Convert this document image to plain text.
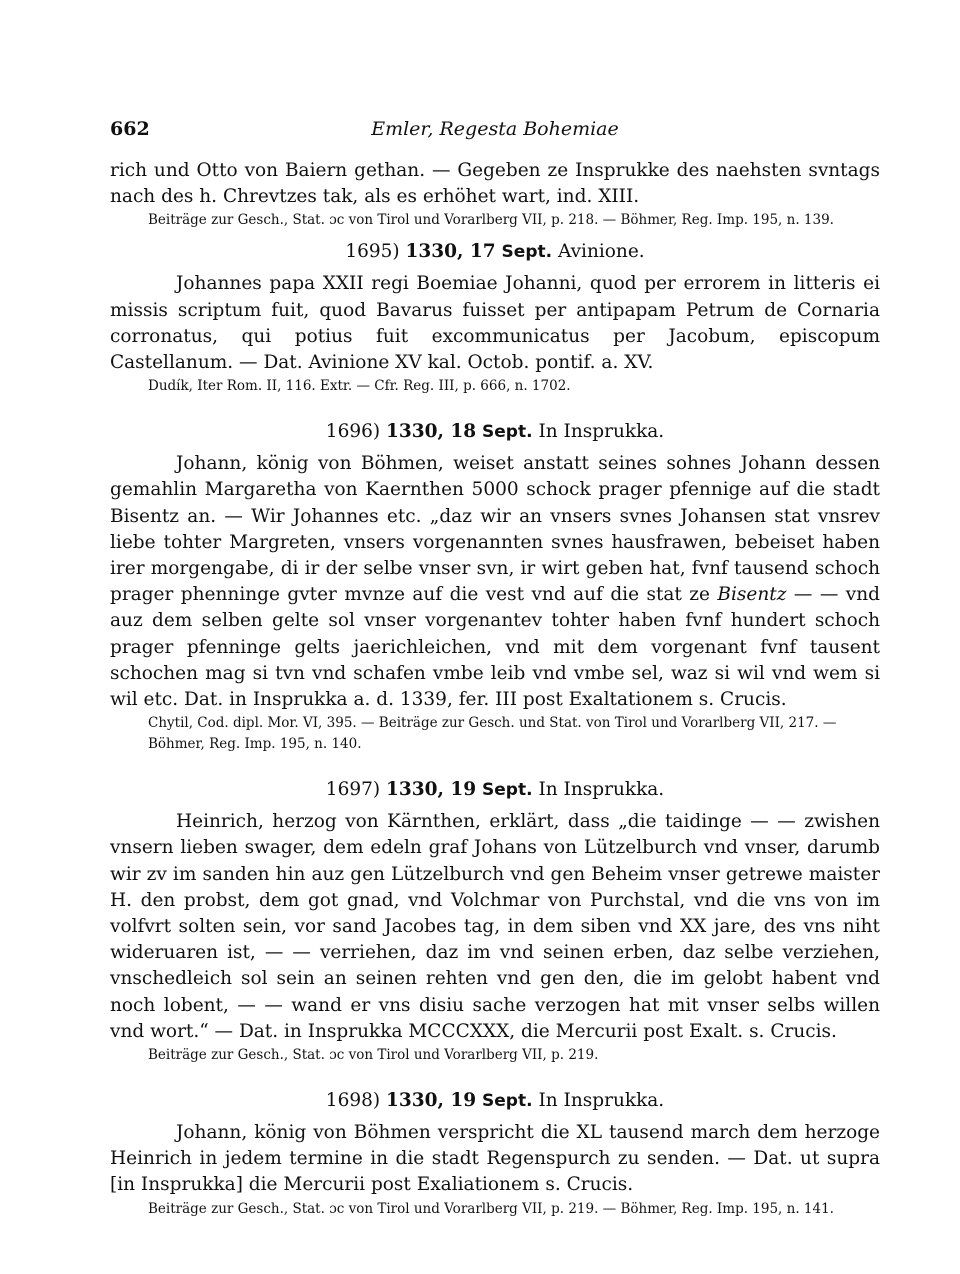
662	Emler, Regesta Bohemiae

rich und Otto von Baiern gethan. — Gegeben ze Insprukke des naehsten svntags nach des h. Chrevtzes tak, als es erhöhet wart, ind. XIII.

Beiträge zur Gesch., Stat. ɔc von Tirol und Vorarlberg VII, p. 218. — Böhmer, Reg. Imp. 195, n. 139.

1695) 1330, 17 Sept. Avinione.

Johannes papa XXII regi Boemiae Johanni, quod per errorem in litteris ei missis scriptum fuit, quod Bavarus fuisset per antipapam Petrum de Cornaria corronatus, qui potius fuit excommunicatus per Jacobum, episcopum Castellanum. — Dat. Avinione XV kal. Octob. pontif. a. XV.

Dudík, Iter Rom. II, 116. Extr. — Cfr. Reg. III, p. 666, n. 1702.

1696) 1330, 18 Sept. In Insprukka.

Johann, könig von Böhmen, weiset anstatt seines sohnes Johann dessen gemahlin Margaretha von Kaernthen 5000 schock prager pfennige auf die stadt Bisentz an. — Wir Johannes etc. „daz wir an vnsers svnes Johansen stat vnsrev liebe tohter Margreten, vnsers vorgenannten svnes hausfrawen, bebeiset haben irer morgengabe, di ir der selbe vnser svn, ir wirt geben hat, fvnf tausend schoch prager phenninge gvter mvnze auf die vest vnd auf die stat ze Bisentz — — vnd auz dem selben gelte sol vnser vorgenantev tohter haben fvnf hundert schoch prager pfenninge gelts jaerichleichen, vnd mit dem vorgenant fvnf tausent schochen mag si tvn vnd schafen vmbe leib vnd vmbe sel, waz si wil vnd wem si wil etc. Dat. in Insprukka a. d. 1339, fer. III post Exaltationem s. Crucis.

Chytil, Cod. dipl. Mor. VI, 395. — Beiträge zur Gesch. und Stat. von Tirol und Vorarlberg VII, 217. — Böhmer, Reg. Imp. 195, n. 140.

1697) 1330, 19 Sept. In Insprukka.

Heinrich, herzog von Kärnthen, erklärt, dass „die taidinge — — zwishen vnsern lieben swager, dem edeln graf Johans von Lützelburch vnd vnser, darumb wir zv im sanden hin auz gen Lützelburch vnd gen Beheim vnser getrewe maister H. den probst, dem got gnad, vnd Volchmar von Purchstal, vnd die vns von im volfvrt solten sein, vor sand Jacobes tag, in dem siben vnd XX jare, des vns niht wideruaren ist, — — verriehen, daz im vnd seinen erben, daz selbe verziehen, vnschedleich sol sein an seinen rehten vnd gen den, die im gelobt habent vnd noch lobent, — — wand er vns disiu sache verzogen hat mit vnser selbs willen vnd wort.“ — Dat. in Insprukka MCCCXXX, die Mercurii post Exalt. s. Crucis.

Beiträge zur Gesch., Stat. ɔc von Tirol und Vorarlberg VII, p. 219.

1698) 1330, 19 Sept. In Insprukka.

Johann, könig von Böhmen verspricht die XL tausend march dem herzoge Heinrich in jedem termine in die stadt Regenspurch zu senden. — Dat. ut supra [in Insprukka] die Mercurii post Exaliationem s. Crucis.

Beiträge zur Gesch., Stat. ɔc von Tirol und Vorarlberg VII, p. 219. — Böhmer, Reg. Imp. 195, n. 141.
